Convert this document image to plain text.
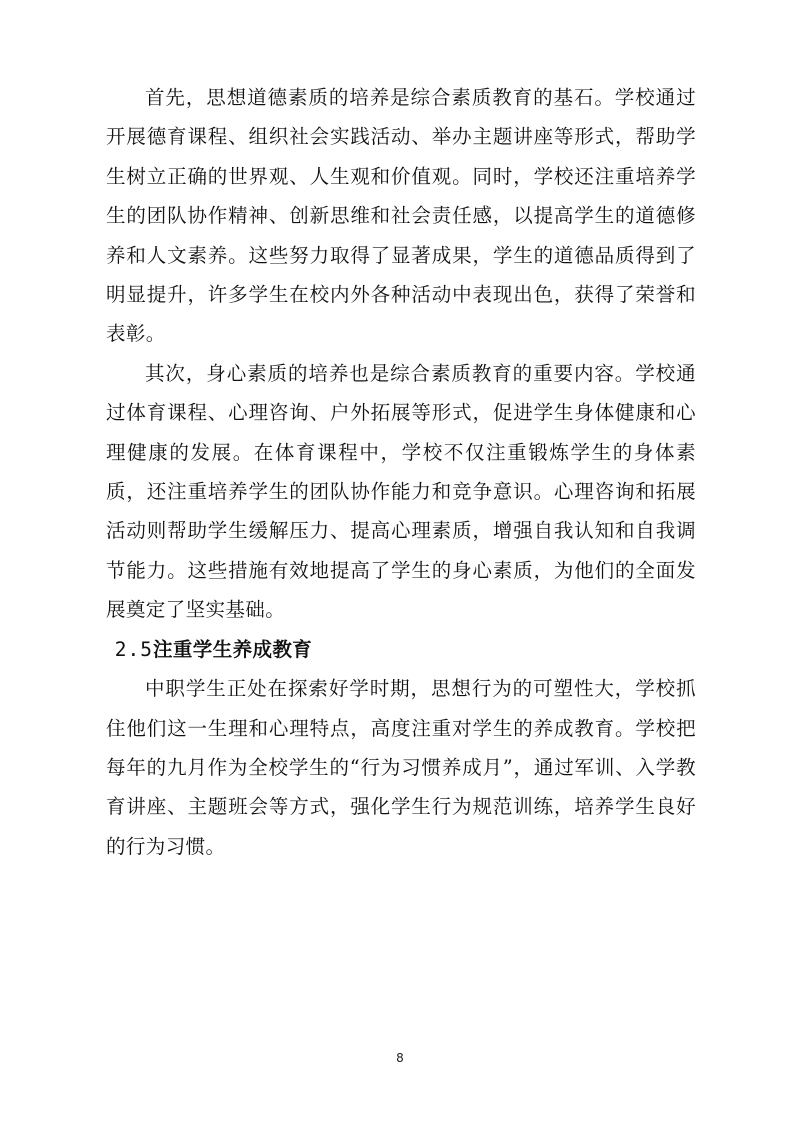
首先，思想道德素质的培养是综合素质教育的基石。学校通过开展德育课程、组织社会实践活动、举办主题讲座等形式，帮助学生树立正确的世界观、人生观和价值观。同时，学校还注重培养学生的团队协作精神、创新思维和社会责任感，以提高学生的道德修养和人文素养。这些努力取得了显著成果，学生的道德品质得到了明显提升，许多学生在校内外各种活动中表现出色，获得了荣誉和表彰。

其次，身心素质的培养也是综合素质教育的重要内容。学校通过体育课程、心理咨询、户外拓展等形式，促进学生身体健康和心理健康的发展。在体育课程中，学校不仅注重锻炼学生的身体素质，还注重培养学生的团队协作能力和竞争意识。心理咨询和拓展活动则帮助学生缓解压力、提高心理素质，增强自我认知和自我调节能力。这些措施有效地提高了学生的身心素质，为他们的全面发展奠定了坚实基础。

2.5注重学生养成教育

中职学生正处在探索好学时期，思想行为的可塑性大，学校抓住他们这一生理和心理特点，高度注重对学生的养成教育。学校把每年的九月作为全校学生的“行为习惯养成月”，通过军训、入学教育讲座、主题班会等方式，强化学生行为规范训练，培养学生良好的行为习惯。

8
